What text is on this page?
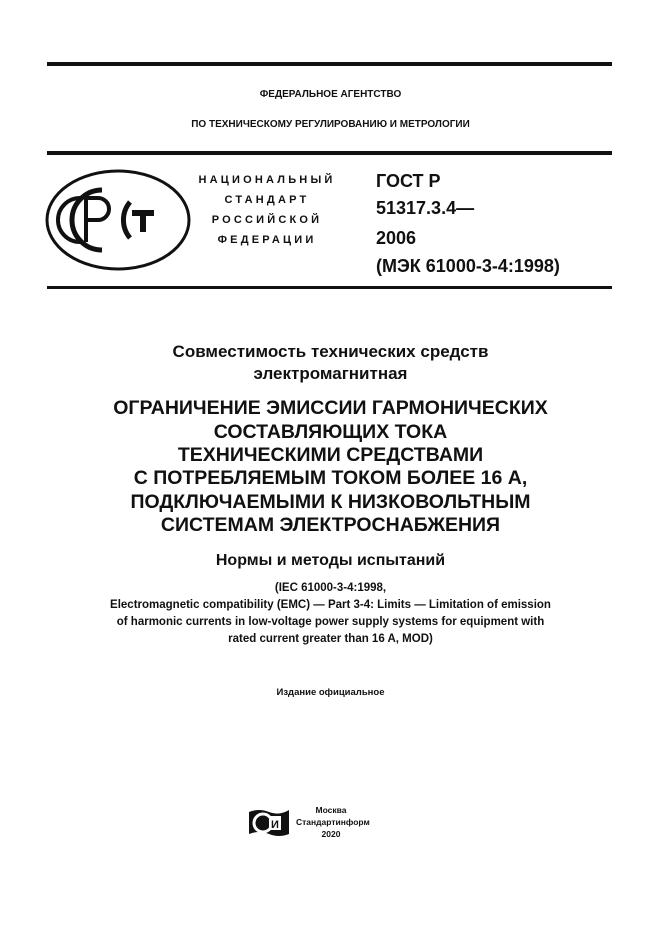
ФЕДЕРАЛЬНОЕ АГЕНТСТВО
ПО ТЕХНИЧЕСКОМУ РЕГУЛИРОВАНИЮ И МЕТРОЛОГИИ
НАЦИОНАЛЬНЫЙ
СТАНДАРТ
РОССИЙСКОЙ
ФЕДЕРАЦИИ
ГОСТ Р
51317.3.4—
2006
(МЭК 61000-3-4:1998)
Совместимость технических средств
электромагнитная
ОГРАНИЧЕНИЕ ЭМИССИИ ГАРМОНИЧЕСКИХ
СОСТАВЛЯЮЩИХ ТОКА
ТЕХНИЧЕСКИМИ СРЕДСТВАМИ
С ПОТРЕБЛЯЕМЫМ ТОКОМ БОЛЕЕ 16 А,
ПОДКЛЮЧАЕМЫМИ К НИЗКОВОЛЬТНЫМ
СИСТЕМАМ ЭЛЕКТРОСНАБЖЕНИЯ
Нормы и методы испытаний
(IEC 61000-3-4:1998,
Electromagnetic compatibility (EMC) — Part 3-4: Limits — Limitation of emission
of harmonic currents in low-voltage power supply systems for equipment with
rated current greater than 16 A, MOD)
Издание официальное
И
Москва
Стандартинформ
2020
